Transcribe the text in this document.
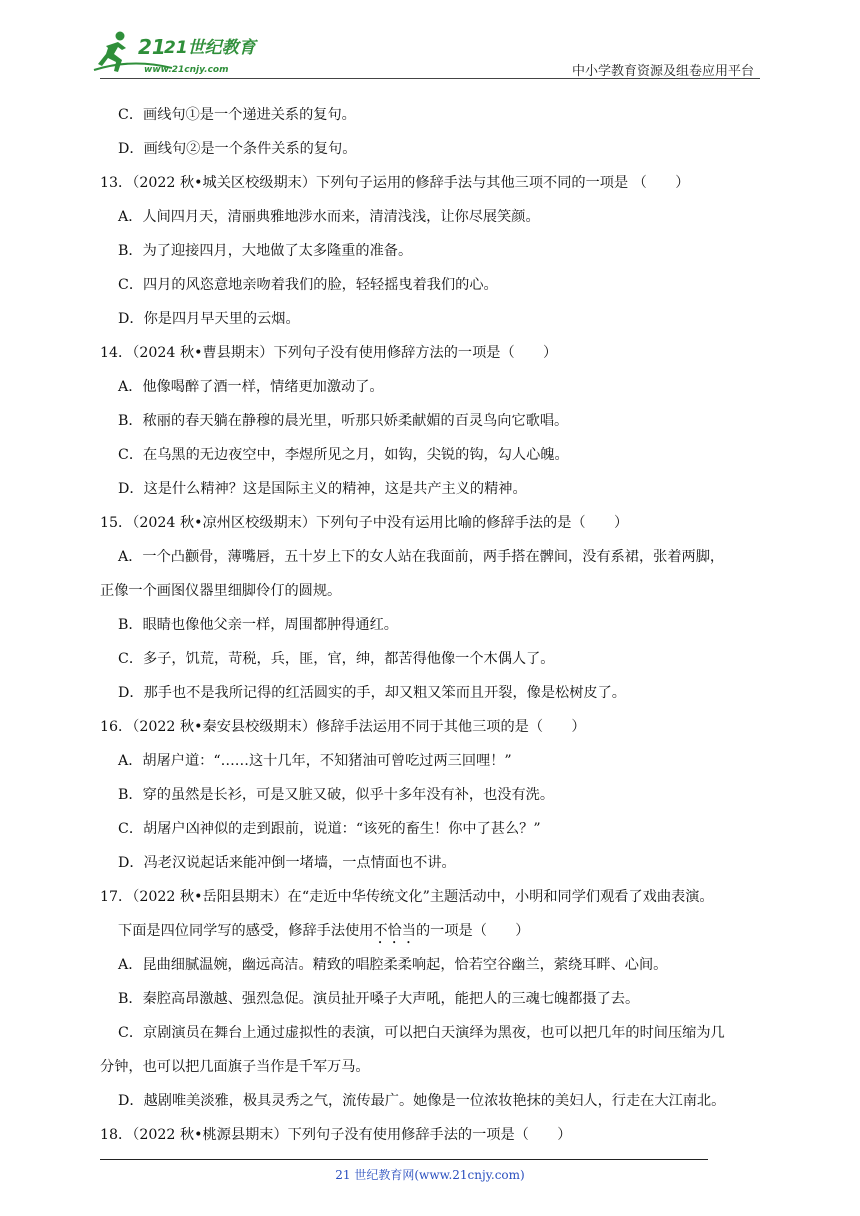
21
21世纪教育
www.21cnjy.com	中小学教育资源及组卷应用平台
C．画线句①是一个递进关系的复句。
D．画线句②是一个条件关系的复句。
13．（2022 秋•城关区校级期末）下列句子运用的修辞手法与其他三项不同的一项是 （　　）
A．人间四月天，清丽典雅地涉水而来，清清浅浅，让你尽展笑颜。
B．为了迎接四月，大地做了太多隆重的准备。
C．四月的风恣意地亲吻着我们的脸，轻轻摇曳着我们的心。
D．你是四月早天里的云烟。
14．（2024 秋•曹县期末）下列句子没有使用修辞方法的一项是（　　）
A．他像喝醉了酒一样，情绪更加激动了。
B．秾丽的春天躺在静穆的晨光里，听那只娇柔献媚的百灵鸟向它歌唱。
C．在乌黑的无边夜空中，李煜所见之月，如钩，尖锐的钩，勾人心魄。
D．这是什么精神？这是国际主义的精神，这是共产主义的精神。
15．（2024 秋•凉州区校级期末）下列句子中没有运用比喻的修辞手法的是（　　）
A．一个凸颧骨，薄嘴唇，五十岁上下的女人站在我面前，两手搭在髀间，没有系裙，张着两脚，
正像一个画图仪器里细脚伶仃的圆规。
B．眼睛也像他父亲一样，周围都肿得通红。
C．多子，饥荒，苛税，兵，匪，官，绅，都苦得他像一个木偶人了。
D．那手也不是我所记得的红活圆实的手，却又粗又笨而且开裂，像是松树皮了。
16．（2022 秋•秦安县校级期末）修辞手法运用不同于其他三项的是（　　）
A．胡屠户道：“……这十几年，不知猪油可曾吃过两三回哩！”
B．穿的虽然是长衫，可是又脏又破，似乎十多年没有补，也没有洗。
C．胡屠户凶神似的走到跟前，说道：“该死的畜生！你中了甚么？”
D．冯老汉说起话来能冲倒一堵墙，一点情面也不讲。
17．（2022 秋•岳阳县期末）在“走近中华传统文化”主题活动中，小明和同学们观看了戏曲表演。
下面是四位同学写的感受，修辞手法使用不恰当的一项是（　　）
A．昆曲细腻温婉，幽远高洁。精致的唱腔柔柔响起，恰若空谷幽兰，萦绕耳畔、心间。
B．秦腔高昂激越、强烈急促。演员扯开嗓子大声吼，能把人的三魂七魄都摄了去。
C．京剧演员在舞台上通过虚拟性的表演，可以把白天演绎为黑夜，也可以把几年的时间压缩为几
分钟，也可以把几面旗子当作是千军万马。
D．越剧唯美淡雅，极具灵秀之气，流传最广。她像是一位浓妆艳抹的美妇人，行走在大江南北。
18．（2022 秋•桃源县期末）下列句子没有使用修辞手法的一项是（　　）
21 世纪教育网(www.21cnjy.com)
